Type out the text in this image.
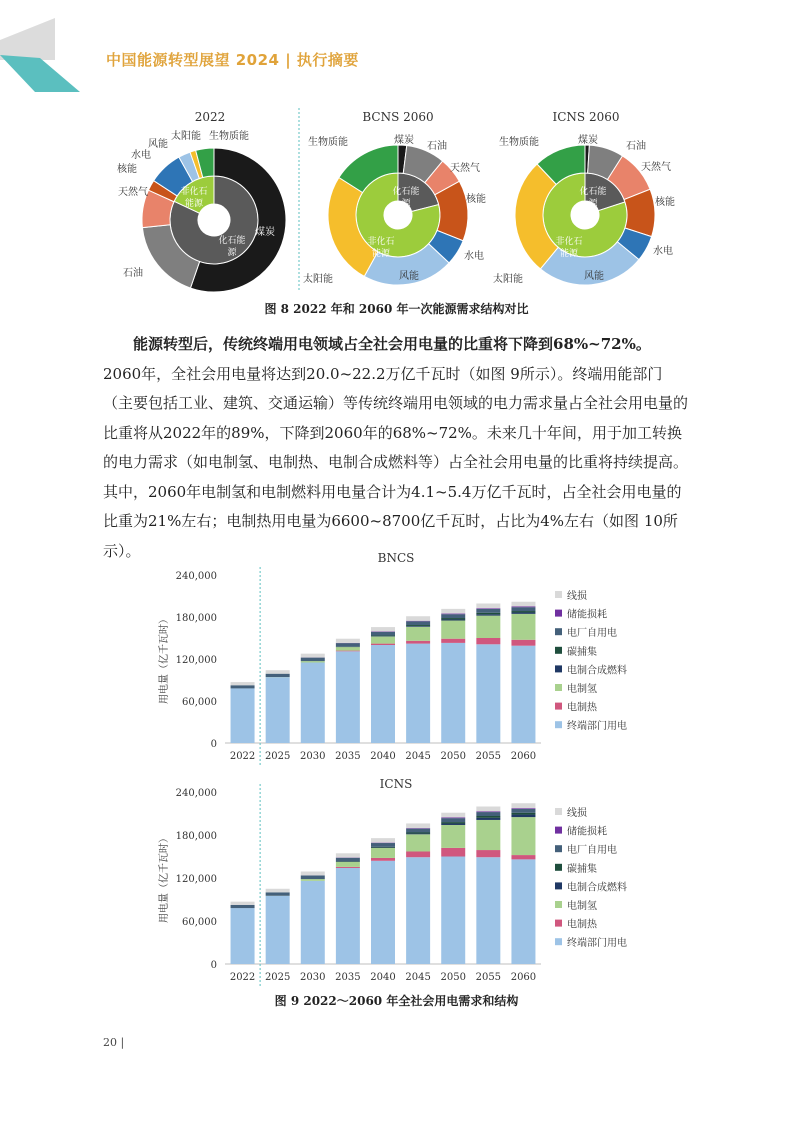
中国能源转型展望 2024 | 执行摘要
2022
煤炭
石油
天然气
核能
水电
风能
太阳能 生物质能
非化石
能源
化石能
源
BCNS 2060
煤炭
石油
天然气
核能
水电
风能
太阳能
生物质能
化石能
源
非化石
能源
ICNS 2060
煤炭
石油
天然气
核能
水电
风能
太阳能
生物质能
化石能
源
非化石
能源
图 8 2022 年和 2060 年一次能源需求结构对比
能源转型后，传统终端用电领域占全社会用电量的比重将下降到68%~72%。
2060年，全社会用电量将达到20.0~22.2万亿千瓦时（如图 9所示）。终端用能部门（主要包括工业、建筑、交通运输）等传统终端用电领域的电力需求量占全社会用电量的比重将从2022年的89%，下降到2060年的68%~72%。未来几十年间，用于加工转换的电力需求（如电制氢、电制热、电制合成燃料等）占全社会用电量的比重将持续提高。其中，2060年电制氢和电制燃料用电量合计为4.1~5.4万亿千瓦时，占全社会用电量的比重为21%左右；电制热用电量为6600~8700亿千瓦时，占比为4%左右（如图 10所示）。	BNCS
0
60,000
120,000
180,000
240,000
用电量（亿千瓦时）
2022 2025 2030 2035 2040 2045 2050 2055 2060
线损
储能损耗
电厂自用电
碳捕集
电制合成燃料
电制氢
电制热
终端部门用电
ICNS
0
60,000
120,000
180,000
240,000
用电量（亿千瓦时）
2022 2025 2030 2035 2040 2045 2050 2055 2060
线损
储能损耗
电厂自用电
碳捕集
电制合成燃料
电制氢
电制热
终端部门用电
图 9 2022～2060 年全社会用电需求和结构
20 |
